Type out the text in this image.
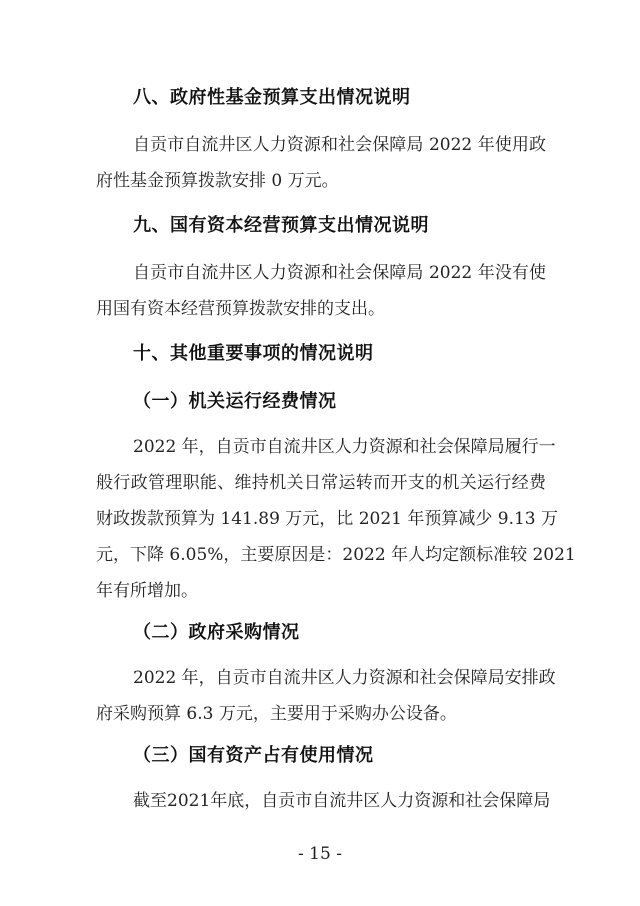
八、政府性基金预算支出情况说明
自贡市自流井区人力资源和社会保障局 2022 年使用政
府性基金预算拨款安排 0 万元。
九、国有资本经营预算支出情况说明
自贡市自流井区人力资源和社会保障局 2022 年没有使
用国有资本经营预算拨款安排的支出。
十、其他重要事项的情况说明
（一）机关运行经费情况
2022 年，自贡市自流井区人力资源和社会保障局履行一
般行政管理职能、维持机关日常运转而开支的机关运行经费
财政拨款预算为 141.89 万元，比 2021 年预算减少 9.13 万
元，下降 6.05%，主要原因是：2022 年人均定额标准较 2021
年有所增加。
（二）政府采购情况
2022 年，自贡市自流井区人力资源和社会保障局安排政
府采购预算 6.3 万元，主要用于采购办公设备。
（三）国有资产占有使用情况
截至2021年底，自贡市自流井区人力资源和社会保障局
- 15 -
